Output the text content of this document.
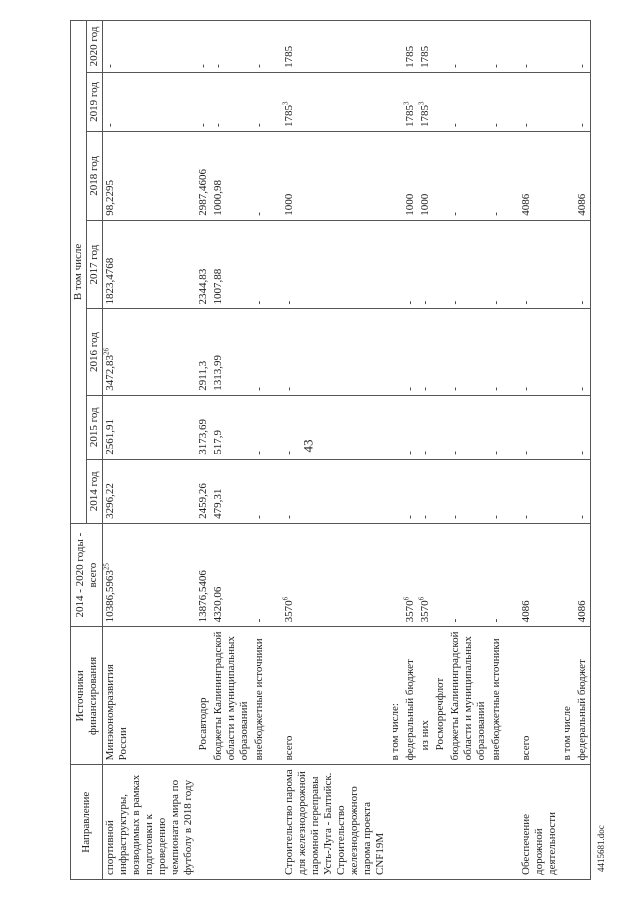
43
4415681.doc
Направление	Источники финансирования	2014 - 2020 годы - всего	В том числе						
			2014 год	2015 год	2016 год	2017 год	2018 год	2019 год	2020 год
спортивной инфраструктуры, возводимых в рамках подготовки к проведению чемпионата мира по футболу в 2018 году	Минэкономразвития России	10386,5963$^{25}$	3296,22	2561,91	3472,83$^{26}$	1823,4768	98,2295	-	-
	Росавтодор	13876,5406	2459,26	3173,69	2911,3	2344,83	2987,4606	-	-
	бюджеты Калининградской области и муниципальных образований	4320,06	479,31	517,9	1313,99	1007,88	1000,98	-	-
	внебюджетные источники	-	-	-	-	-	-	-	-
Строительство парома для железнодорожной паромной переправы Усть-Луга - Балтийск. Строительство железнодорожного парома проекта CNF19M	всего	3570$^6$	-	-	-	-	1000	1785$^3$	1785
	в том числе:								
	федеральный бюджет	3570$^6$	-	-	-	-	1000	1785$^3$	1785
	из них	3570$^6$	-	-	-	-	1000	1785$^3$	1785
	Росморречфлот								
	бюджеты Калининградской области и муниципальных образований	-	-	-	-	-	-	-	-
	внебюджетные источники	-	-	-	-	-	-	-	-
Обеспечение дорожной деятельности	всего	4086	-	-	-	-	4086	-	-
	в том числе								
	федеральный бюджет	4086	-	-	-	-	4086	-	-
